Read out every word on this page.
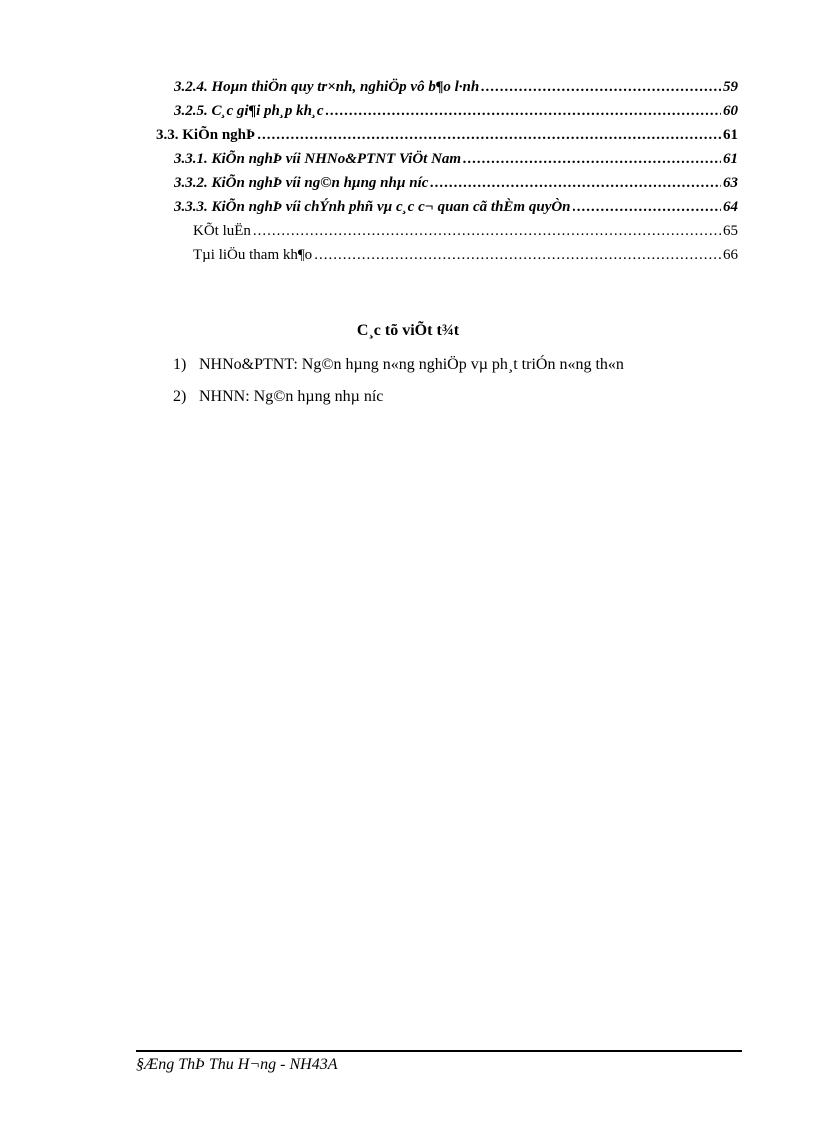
3.2.4. Hoµn thiÖn quy tr×nh, nghiÖp vô b¶o l·nh .....	59
3.2.5. C¸c gi¶i ph¸p kh¸c .....	60
3.3. KiÕn nghÞ .....	61
3.3.1. KiÕn nghÞ víi NHNo&PTNT ViÖt Nam .....	61
3.3.2. KiÕn nghÞ víi ng©n hµng nhµ níc .....	63
3.3.3. KiÕn nghÞ víi chÝnh phñ vµ c¸c c¬ quan cã thÈm quyÒn .....	64
KÕt luËn .....	65
Tµi liÖu tham kh¶o .....	66
C¸c tõ viÕt t¾t
1) NHNo&PTNT: Ng©n hµng n«ng nghiÖp vµ ph¸t triÓn n«ng th«n
2) NHNN: Ng©n hµng nhµ níc
§Æng ThÞ Thu H¬ng - NH43A
